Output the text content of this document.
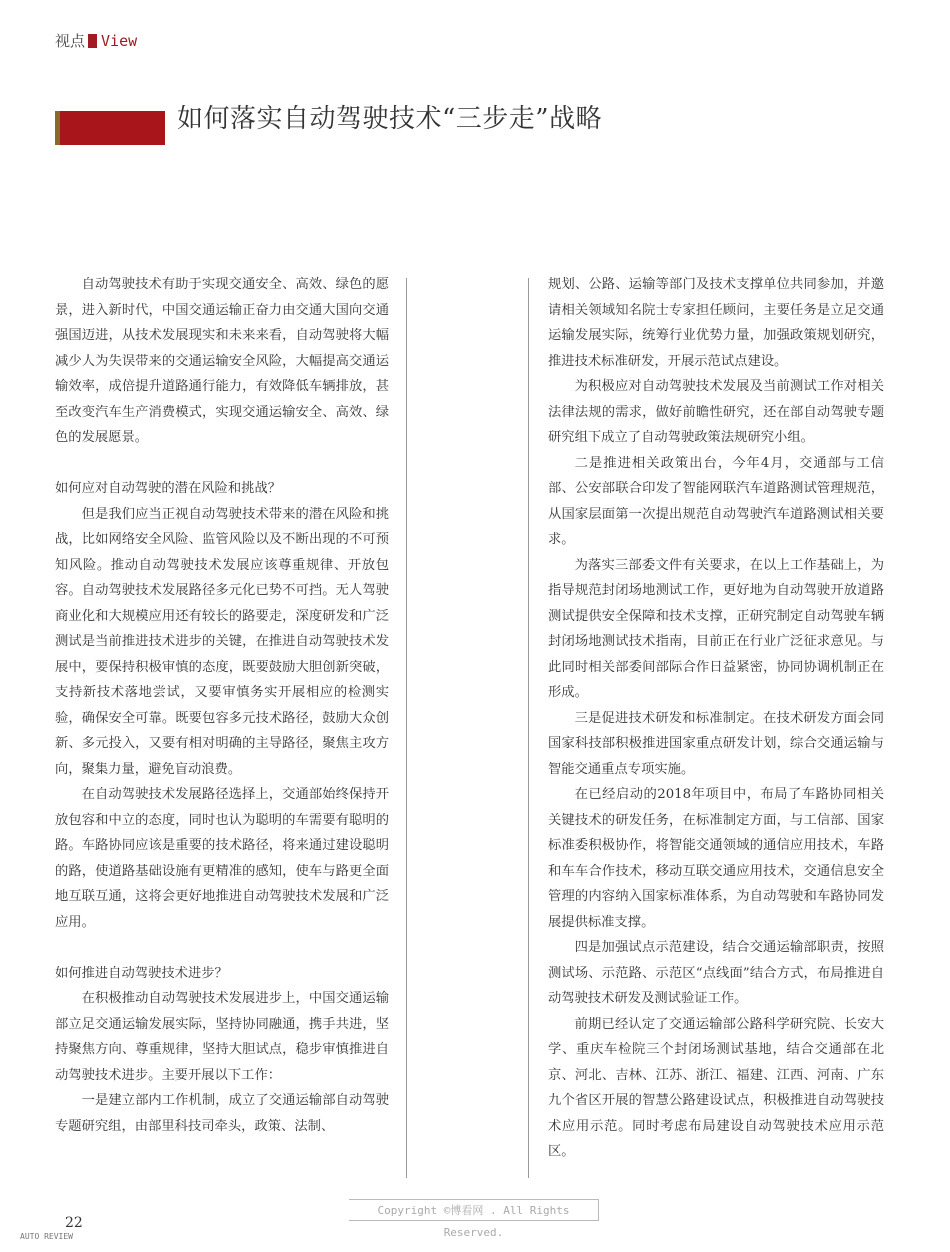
视点 View
如何落实自动驾驶技术“三步走”战略

自动驾驶技术有助于实现交通安全、高效、绿色的愿景，进入新时代，中国交通运输正奋力由交通大国向交通强国迈进，从技术发展现实和未来来看，自动驾驶将大幅减少人为失误带来的交通运输安全风险，大幅提高交通运输效率，成倍提升道路通行能力，有效降低车辆排放，甚至改变汽车生产消费模式，实现交通运输安全、高效、绿色的发展愿景。

如何应对自动驾驶的潜在风险和挑战？

但是我们应当正视自动驾驶技术带来的潜在风险和挑战，比如网络安全风险、监管风险以及不断出现的不可预知风险。推动自动驾驶技术发展应该尊重规律、开放包容。自动驾驶技术发展路径多元化已势不可挡。无人驾驶商业化和大规模应用还有较长的路要走，深度研发和广泛测试是当前推进技术进步的关键，在推进自动驾驶技术发展中，要保持积极审慎的态度，既要鼓励大胆创新突破，支持新技术落地尝试，又要审慎务实开展相应的检测实验，确保安全可靠。既要包容多元技术路径，鼓励大众创新、多元投入，又要有相对明确的主导路径，聚焦主攻方向，聚集力量，避免盲动浪费。

在自动驾驶技术发展路径选择上，交通部始终保持开放包容和中立的态度，同时也认为聪明的车需要有聪明的路。车路协同应该是重要的技术路径，将来通过建设聪明的路，使道路基础设施有更精准的感知，使车与路更全面地互联互通，这将会更好地推进自动驾驶技术发展和广泛应用。

如何推进自动驾驶技术进步？

在积极推动自动驾驶技术发展进步上，中国交通运输部立足交通运输发展实际，坚持协同融通，携手共进，坚持聚焦方向、尊重规律，坚持大胆试点，稳步审慎推进自动驾驶技术进步。主要开展以下工作：

一是建立部内工作机制，成立了交通运输部自动驾驶专题研究组，由部里科技司牵头，政策、法制、

规划、公路、运输等部门及技术支撑单位共同参加，并邀请相关领域知名院士专家担任顾问，主要任务是立足交通运输发展实际，统筹行业优势力量，加强政策规划研究，推进技术标准研发，开展示范试点建设。

为积极应对自动驾驶技术发展及当前测试工作对相关法律法规的需求，做好前瞻性研究，还在部自动驾驶专题研究组下成立了自动驾驶政策法规研究小组。

二是推进相关政策出台，今年4月，交通部与工信部、公安部联合印发了智能网联汽车道路测试管理规范，从国家层面第一次提出规范自动驾驶汽车道路测试相关要求。

为落实三部委文件有关要求，在以上工作基础上，为指导规范封闭场地测试工作，更好地为自动驾驶开放道路测试提供安全保障和技术支撑，正研究制定自动驾驶车辆封闭场地测试技术指南，目前正在行业广泛征求意见。与此同时相关部委间部际合作日益紧密，协同协调机制正在形成。

三是促进技术研发和标准制定。在技术研发方面会同国家科技部积极推进国家重点研发计划，综合交通运输与智能交通重点专项实施。

在已经启动的2018年项目中，布局了车路协同相关关键技术的研发任务，在标准制定方面，与工信部、国家标准委积极协作，将智能交通领域的通信应用技术，车路和车车合作技术，移动互联交通应用技术，交通信息安全管理的内容纳入国家标准体系，为自动驾驶和车路协同发展提供标准支撑。

四是加强试点示范建设，结合交通运输部职责，按照测试场、示范路、示范区“点线面”结合方式，布局推进自动驾驶技术研发及测试验证工作。

前期已经认定了交通运输部公路科学研究院、长安大学、重庆车检院三个封闭场测试基地，结合交通部在北京、河北、吉林、江苏、浙江、福建、江西、河南、广东九个省区开展的智慧公路建设试点，积极推进自动驾驶技术应用示范。同时考虑布局建设自动驾驶技术应用示范区。

Copyright ©博看网 . All Rights Reserved.
22
AUTO REVIEW
